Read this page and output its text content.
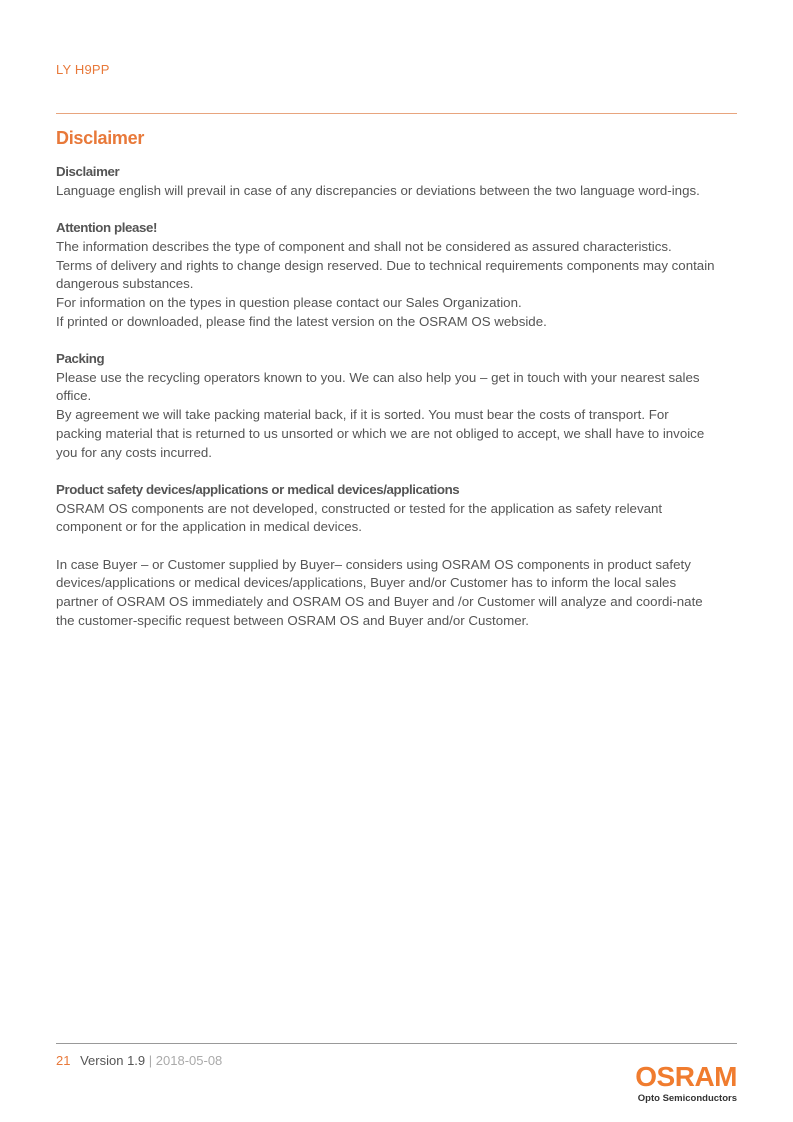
LY H9PP
Disclaimer
Disclaimer

Language english will prevail in case of any discrepancies or deviations between the two language word-ings.

Attention please!

The information describes the type of component and shall not be considered as assured characteristics.

Terms of delivery and rights to change design reserved. Due to technical requirements components may contain dangerous substances.

For information on the types in question please contact our Sales Organization.

If printed or downloaded, please find the latest version on the OSRAM OS webside.

Packing

Please use the recycling operators known to you. We can also help you – get in touch with your nearest sales office.

By agreement we will take packing material back, if it is sorted. You must bear the costs of transport. For packing material that is returned to us unsorted or which we are not obliged to accept, we shall have to invoice you for any costs incurred.

Product safety devices/applications or medical devices/applications

OSRAM OS components are not developed, constructed or tested for the application as safety relevant component or for the application in medical devices.

In case Buyer – or Customer supplied by Buyer– considers using OSRAM OS components in product safety devices/applications or medical devices/applications, Buyer and/or Customer has to inform the local sales partner of OSRAM OS immediately and OSRAM OS and Buyer and /or Customer will analyze and coordi-nate the customer-specific request between OSRAM OS and Buyer and/or Customer.

21 Version 1.9 | 2018-05-08
OSRAM
Opto Semiconductors
